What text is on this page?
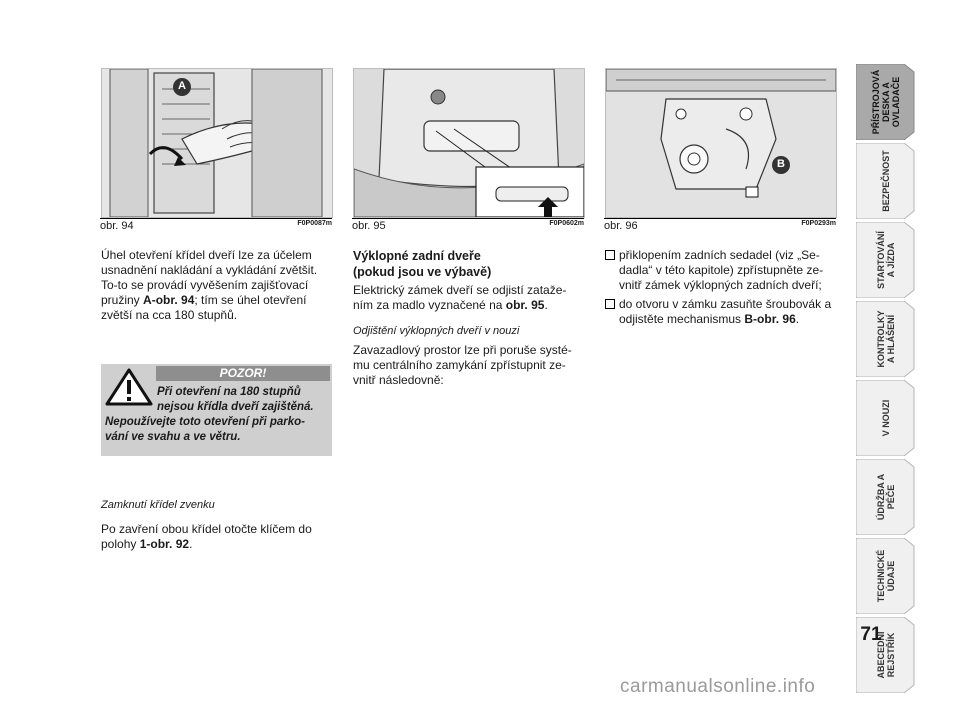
A
obr. 94	F0P0087m obr. 95	F0P0602m
B
obr. 96	F0P0293m

Úhel otevření křídel dveří lze za účelem usnadnění nakládání a vykládání zvětšit. To-to se provádí vyvěšením zajišťovací pružiny A-obr. 94; tím se úhel otevření zvětší na cca 180 stupňů.

POZOR!
Při otevření na 180 stupňů
nejsou křídla dveří zajištěná.
Nepoužívejte toto otevření při parko-
vání ve svahu a ve větru.

Zamknutí křídel zvenku

Po zavření obou křídel otočte klíčem do polohy 1-obr. 92.

Výklopné zadní dveře

(pokud jsou ve výbavě)

Elektrický zámek dveří se odjistí zataže-ním za madlo vyznačené na obr. 95.

Odjištění výklopných dveří v nouzi

Zavazadlový prostor lze při poruše systé-mu centrálního zamykání zpřístupnit ze-vnitř následovně:

přiklopením zadních sedadel (viz „Se-dadla“ v této kapitole) zpřístupněte ze-vnitř zámek výklopných zadních dveří;
do otvoru v zámku zasuňte šroubovák a odjistěte mechanismus B-obr. 96.
PŘÍSTROJOVÁ
DESKA A
OVLADAČE
BEZPEČNOST
STARTOVÁNÍ
A JÍZDA
KONTROLKY
A HLÁŠENÍ
V NOUZI
ÚDRŽBA A
PÉČE
TECHNICKÉ
ÚDAJE
ABECEDNÍ
REJSTŘÍK
71
carmanualsonline.info
